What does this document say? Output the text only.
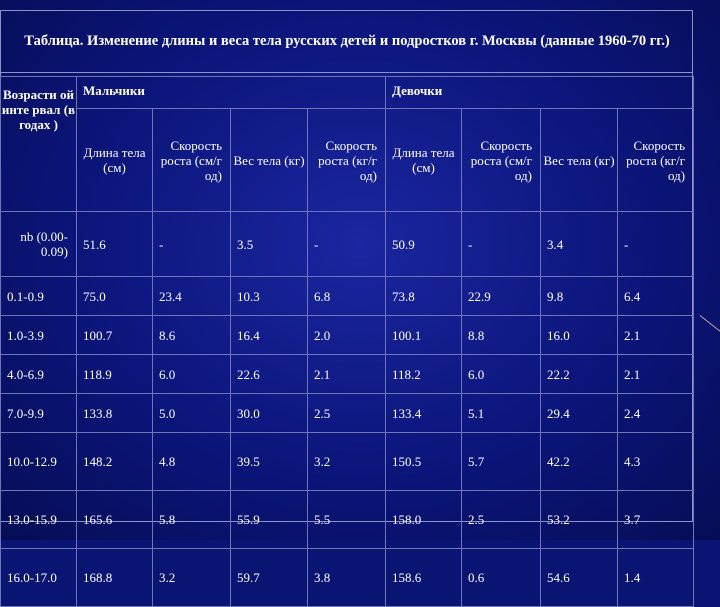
Таблица. Изменение длины и веса тела русских детей и подростков г. Москвы (данные 1960-70 гг.)
Возрасти ой инте рвал (в годах )	Мальчики				Девочки			
	Длина тела (см)	Скорость роста (см/г од)	Вес тела (кг)	Скорость роста (кг/г од)	Длина тела (см)	Скорость роста (см/г од)	Вес тела (кг)	Скорость роста (кг/г од)
nb (0.00-0.09)	51.6	-	3.5	-	50.9	-	3.4	-
0.1-0.9	75.0	23.4	10.3	6.8	73.8	22.9	9.8	6.4
1.0-3.9	100.7	8.6	16.4	2.0	100.1	8.8	16.0	2.1
4.0-6.9	118.9	6.0	22.6	2.1	118.2	6.0	22.2	2.1
7.0-9.9	133.8	5.0	30.0	2.5	133.4	5.1	29.4	2.4
10.0-12.9	148.2	4.8	39.5	3.2	150.5	5.7	42.2	4.3
13.0-15.9	165.6	5.8	55.9	5.5	158.0	2.5	53.2	3.7
16.0-17.0	168.8	3.2	59.7	3.8	158.6	0.6	54.6	1.4
